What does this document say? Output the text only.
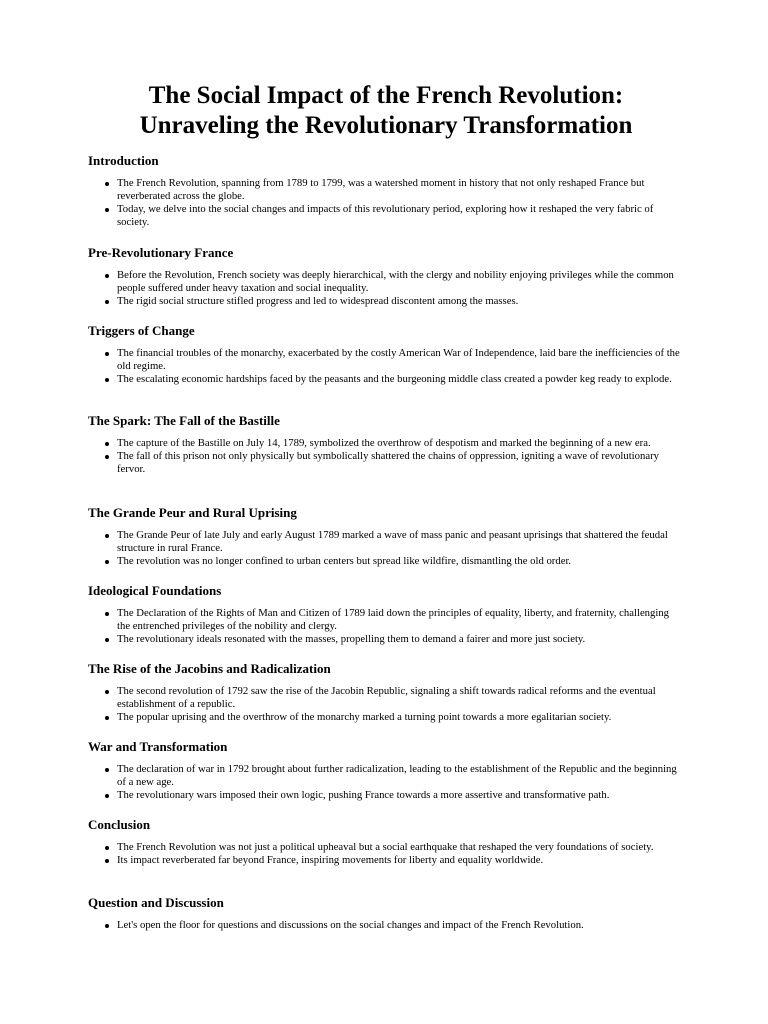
The Social Impact of the French Revolution:
Unraveling the Revolutionary Transformation
Introduction
The French Revolution, spanning from 1789 to 1799, was a watershed moment in history that not only reshaped France but reverberated across the globe.
Today, we delve into the social changes and impacts of this revolutionary period, exploring how it reshaped the very fabric of society.
Pre-Revolutionary France
Before the Revolution, French society was deeply hierarchical, with the clergy and nobility enjoying privileges while the common people suffered under heavy taxation and social inequality.
The rigid social structure stifled progress and led to widespread discontent among the masses.
Triggers of Change
The financial troubles of the monarchy, exacerbated by the costly American War of Independence, laid bare the inefficiencies of the old regime.
The escalating economic hardships faced by the peasants and the burgeoning middle class created a powder keg ready to explode.
The Spark: The Fall of the Bastille
The capture of the Bastille on July 14, 1789, symbolized the overthrow of despotism and marked the beginning of a new era.
The fall of this prison not only physically but symbolically shattered the chains of oppression, igniting a wave of revolutionary fervor.
The Grande Peur and Rural Uprising
The Grande Peur of late July and early August 1789 marked a wave of mass panic and peasant uprisings that shattered the feudal structure in rural France.
The revolution was no longer confined to urban centers but spread like wildfire, dismantling the old order.
Ideological Foundations
The Declaration of the Rights of Man and Citizen of 1789 laid down the principles of equality, liberty, and fraternity, challenging the entrenched privileges of the nobility and clergy.
The revolutionary ideals resonated with the masses, propelling them to demand a fairer and more just society.
The Rise of the Jacobins and Radicalization
The second revolution of 1792 saw the rise of the Jacobin Republic, signaling a shift towards radical reforms and the eventual establishment of a republic.
The popular uprising and the overthrow of the monarchy marked a turning point towards a more egalitarian society.
War and Transformation
The declaration of war in 1792 brought about further radicalization, leading to the establishment of the Republic and the beginning of a new age.
The revolutionary wars imposed their own logic, pushing France towards a more assertive and transformative path.
Conclusion
The French Revolution was not just a political upheaval but a social earthquake that reshaped the very foundations of society.
Its impact reverberated far beyond France, inspiring movements for liberty and equality worldwide.
Question and Discussion
Let's open the floor for questions and discussions on the social changes and impact of the French Revolution.
